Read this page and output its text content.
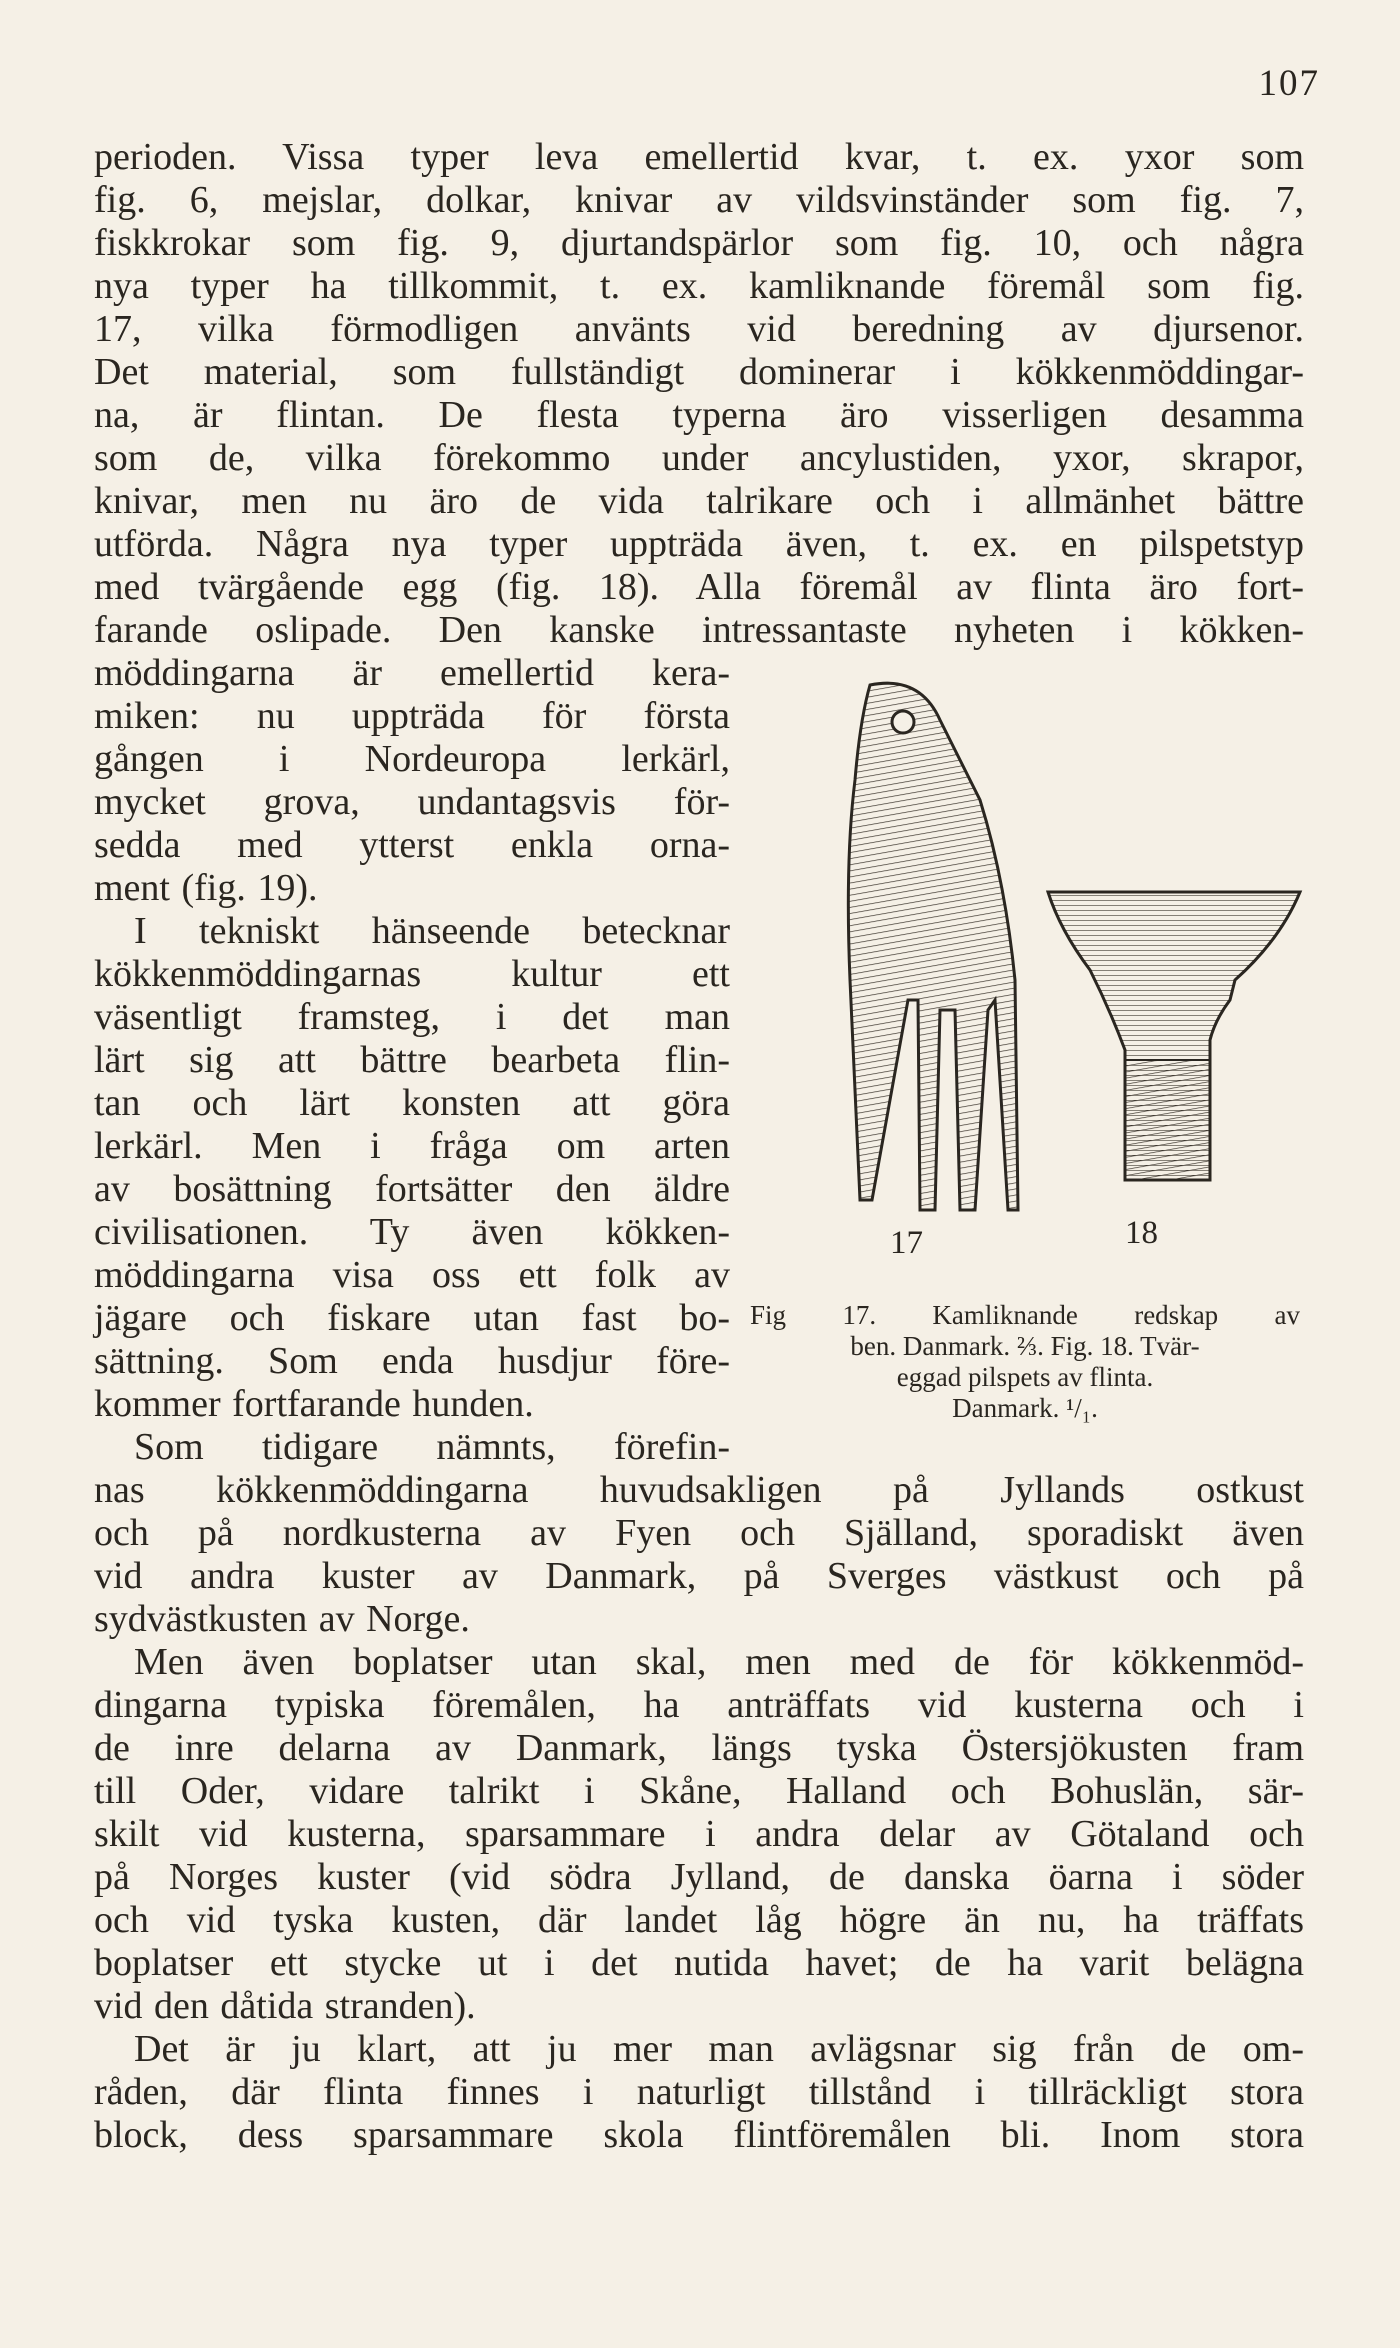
107
perioden. Vissa typer leva emellertid kvar, t. ex. yxor som
fig. 6, mejslar, dolkar, knivar av vildsvinständer som fig. 7,
fiskkrokar som fig. 9, djurtandspärlor som fig. 10, och några
nya typer ha tillkommit, t. ex. kamliknande föremål som fig.
17, vilka förmodligen använts vid beredning av djursenor.
Det material, som fullständigt dominerar i kökkenmöddingar-
na, är flintan. De flesta typerna äro visserligen desamma
som de, vilka förekommo under ancylustiden, yxor, skrapor,
knivar, men nu äro de vida talrikare och i allmänhet bättre
utförda. Några nya typer uppträda även, t. ex. en pilspetstyp
med tvärgående egg (fig. 18). Alla föremål av flinta äro fort-
farande oslipade. Den kanske intressantaste nyheten i kökken-
möddingarna är emellertid kera-
miken: nu uppträda för första
gången i Nordeuropa lerkärl,
mycket grova, undantagsvis för-
sedda med ytterst enkla orna-
ment (fig. 19).
I tekniskt hänseende betecknar
kökkenmöddingarnas kultur ett
väsentligt framsteg, i det man
lärt sig att bättre bearbeta flin-
tan och lärt konsten att göra
lerkärl. Men i fråga om arten
av bosättning fortsätter den äldre
civilisationen. Ty även kökken-
möddingarna visa oss ett folk av
jägare och fiskare utan fast bo-
sättning. Som enda husdjur före-
kommer fortfarande hunden.
Som tidigare nämnts, förefin-
nas kökkenmöddingarna huvudsakligen på Jyllands ostkust
och på nordkusterna av Fyen och Själland, sporadiskt även
vid andra kuster av Danmark, på Sverges västkust och på
sydvästkusten av Norge.
Men även boplatser utan skal, men med de för kökkenmöd-
dingarna typiska föremålen, ha anträffats vid kusterna och i
de inre delarna av Danmark, längs tyska Östersjökusten fram
till Oder, vidare talrikt i Skåne, Halland och Bohuslän, sär-
skilt vid kusterna, sparsammare i andra delar av Götaland och
på Norges kuster (vid södra Jylland, de danska öarna i söder
och vid tyska kusten, där landet låg högre än nu, ha träffats
boplatser ett stycke ut i det nutida havet; de ha varit belägna
vid den dåtida stranden).
Det är ju klart, att ju mer man avlägsnar sig från de om-
råden, där flinta finnes i naturligt tillstånd i tillräckligt stora
block, dess sparsammare skola flintföremålen bli. Inom stora
17	18
Fig 17. Kamliknande redskap av
ben. Danmark. ⅔. Fig. 18. Tvär-
eggad pilspets av flinta.
Danmark. ¹/₁.
